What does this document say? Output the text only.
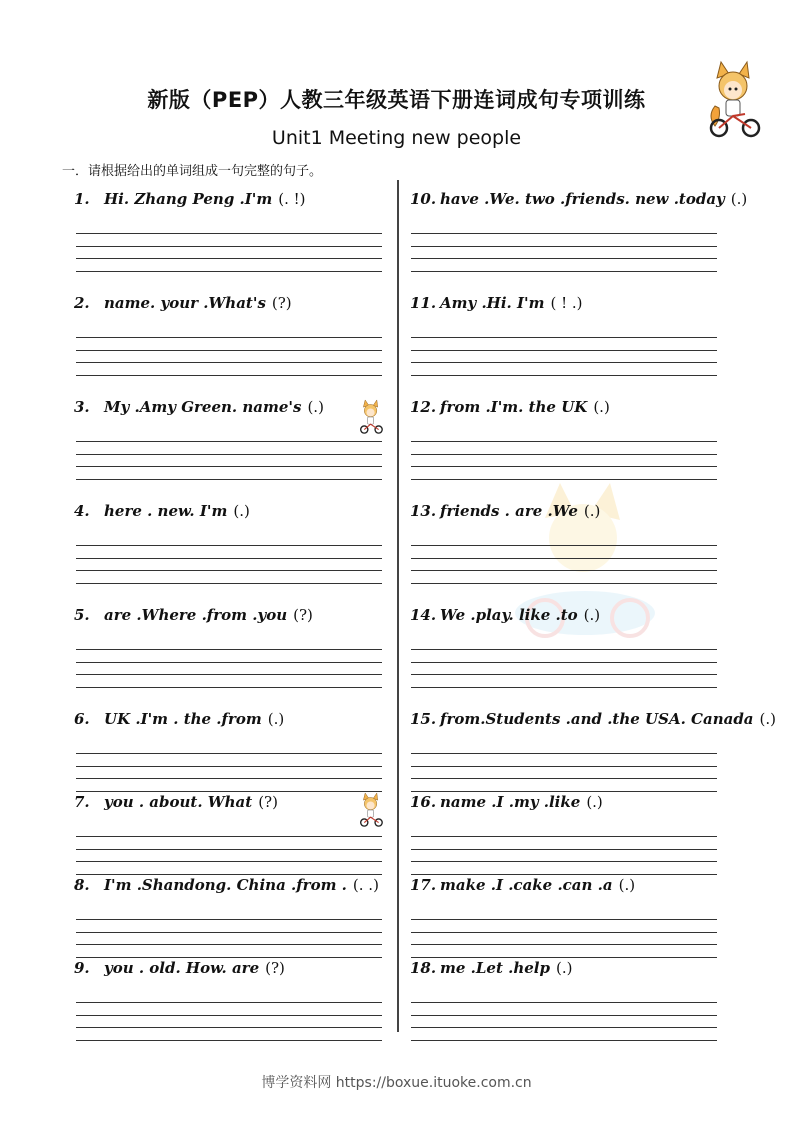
新版（PEP）人教三年级英语下册连词成句专项训练
Unit1 Meeting new people
一．请根据给出的单词组成一句完整的句子。
1. Hi. Zhang Peng .I'm (. !)
2. name. your .What's (?)
3. My .Amy Green. name's (.)
4. here . new. I'm (.)
5. are .Where .from .you (?)
6. UK .I'm . the .from (.)
7. you . about. What (?)
8. I'm .Shandong. China .from . (. .)
9. you . old. How. are (?)
10. have .We. two .friends. new .today (.)
11. Amy .Hi. I'm ( ! .)
12. from .I'm. the UK (.)
13. friends . are .We (.)
14. We .play. like .to (.)
15. from.Students .and .the USA. Canada (.)
16. name .I .my .like (.)
17. make .I .cake .can .a (.)
18. me .Let .help (.)
博学资料网 https://boxue.ituoke.com.cn
